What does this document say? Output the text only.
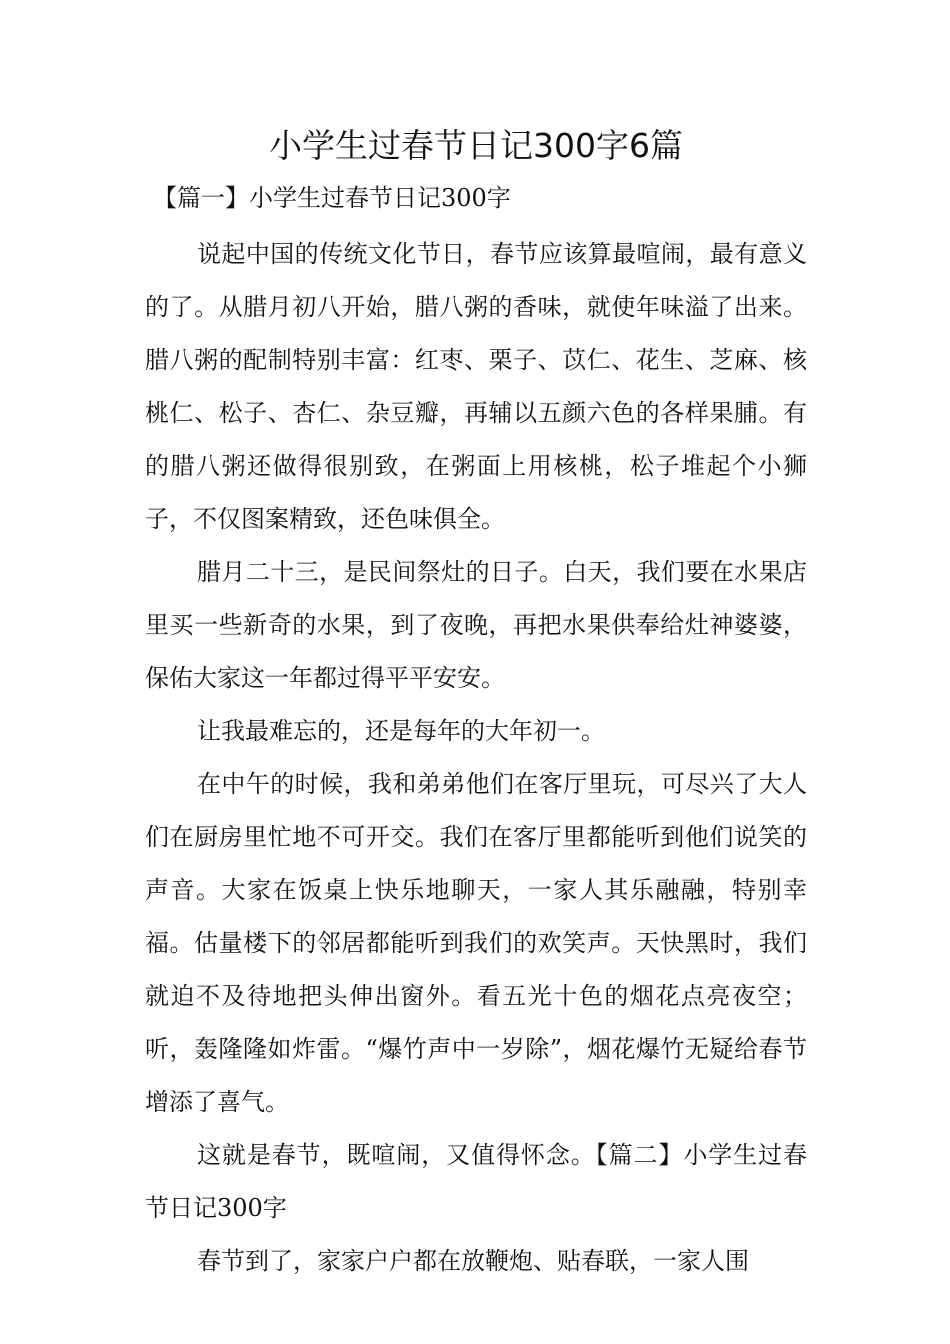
小学生过春节日记300字6篇
【篇一】小学生过春节日记300字

说起中国的传统文化节日，春节应该算最喧闹，最有意义的了。从腊月初八开始，腊八粥的香味，就使年味溢了出来。腊八粥的配制特别丰富：红枣、栗子、苡仁、花生、芝麻、核桃仁、松子、杏仁、杂豆瓣，再辅以五颜六色的各样果脯。有的腊八粥还做得很别致，在粥面上用核桃，松子堆起个小狮子，不仅图案精致，还色味俱全。

腊月二十三，是民间祭灶的日子。白天，我们要在水果店里买一些新奇的水果，到了夜晚，再把水果供奉给灶神婆婆，保佑大家这一年都过得平平安安。

让我最难忘的，还是每年的大年初一。

在中午的时候，我和弟弟他们在客厅里玩，可尽兴了大人们在厨房里忙地不可开交。我们在客厅里都能听到他们说笑的声音。大家在饭桌上快乐地聊天，一家人其乐融融，特别幸福。估量楼下的邻居都能听到我们的欢笑声。天快黑时，我们就迫不及待地把头伸出窗外。看五光十色的烟花点亮夜空；听，轰隆隆如炸雷。“爆竹声中一岁除”，烟花爆竹无疑给春节增添了喜气。

这就是春节，既喧闹，又值得怀念。【篇二】小学生过春节日记300字

春节到了，家家户户都在放鞭炮、贴春联，一家人围
